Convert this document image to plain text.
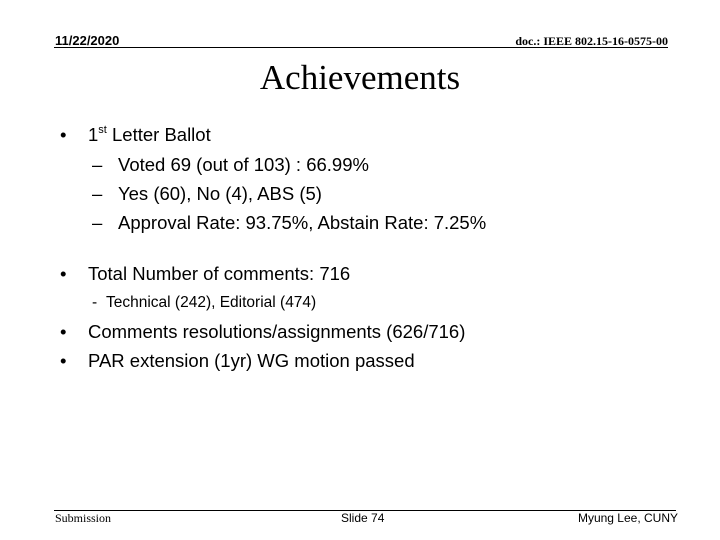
11/22/2020	doc.: IEEE 802.15-16-0575-00
Achievements
• 1st Letter Ballot
– Voted 69 (out of 103) : 66.99%
– Yes (60), No (4), ABS (5)
– Approval Rate: 93.75%, Abstain Rate: 7.25%
• Total Number of comments: 716
- Technical (242), Editorial (474)
• Comments resolutions/assignments (626/716)
• PAR extension (1yr) WG motion passed
Submission	Slide 74	Myung Lee, CUNY
